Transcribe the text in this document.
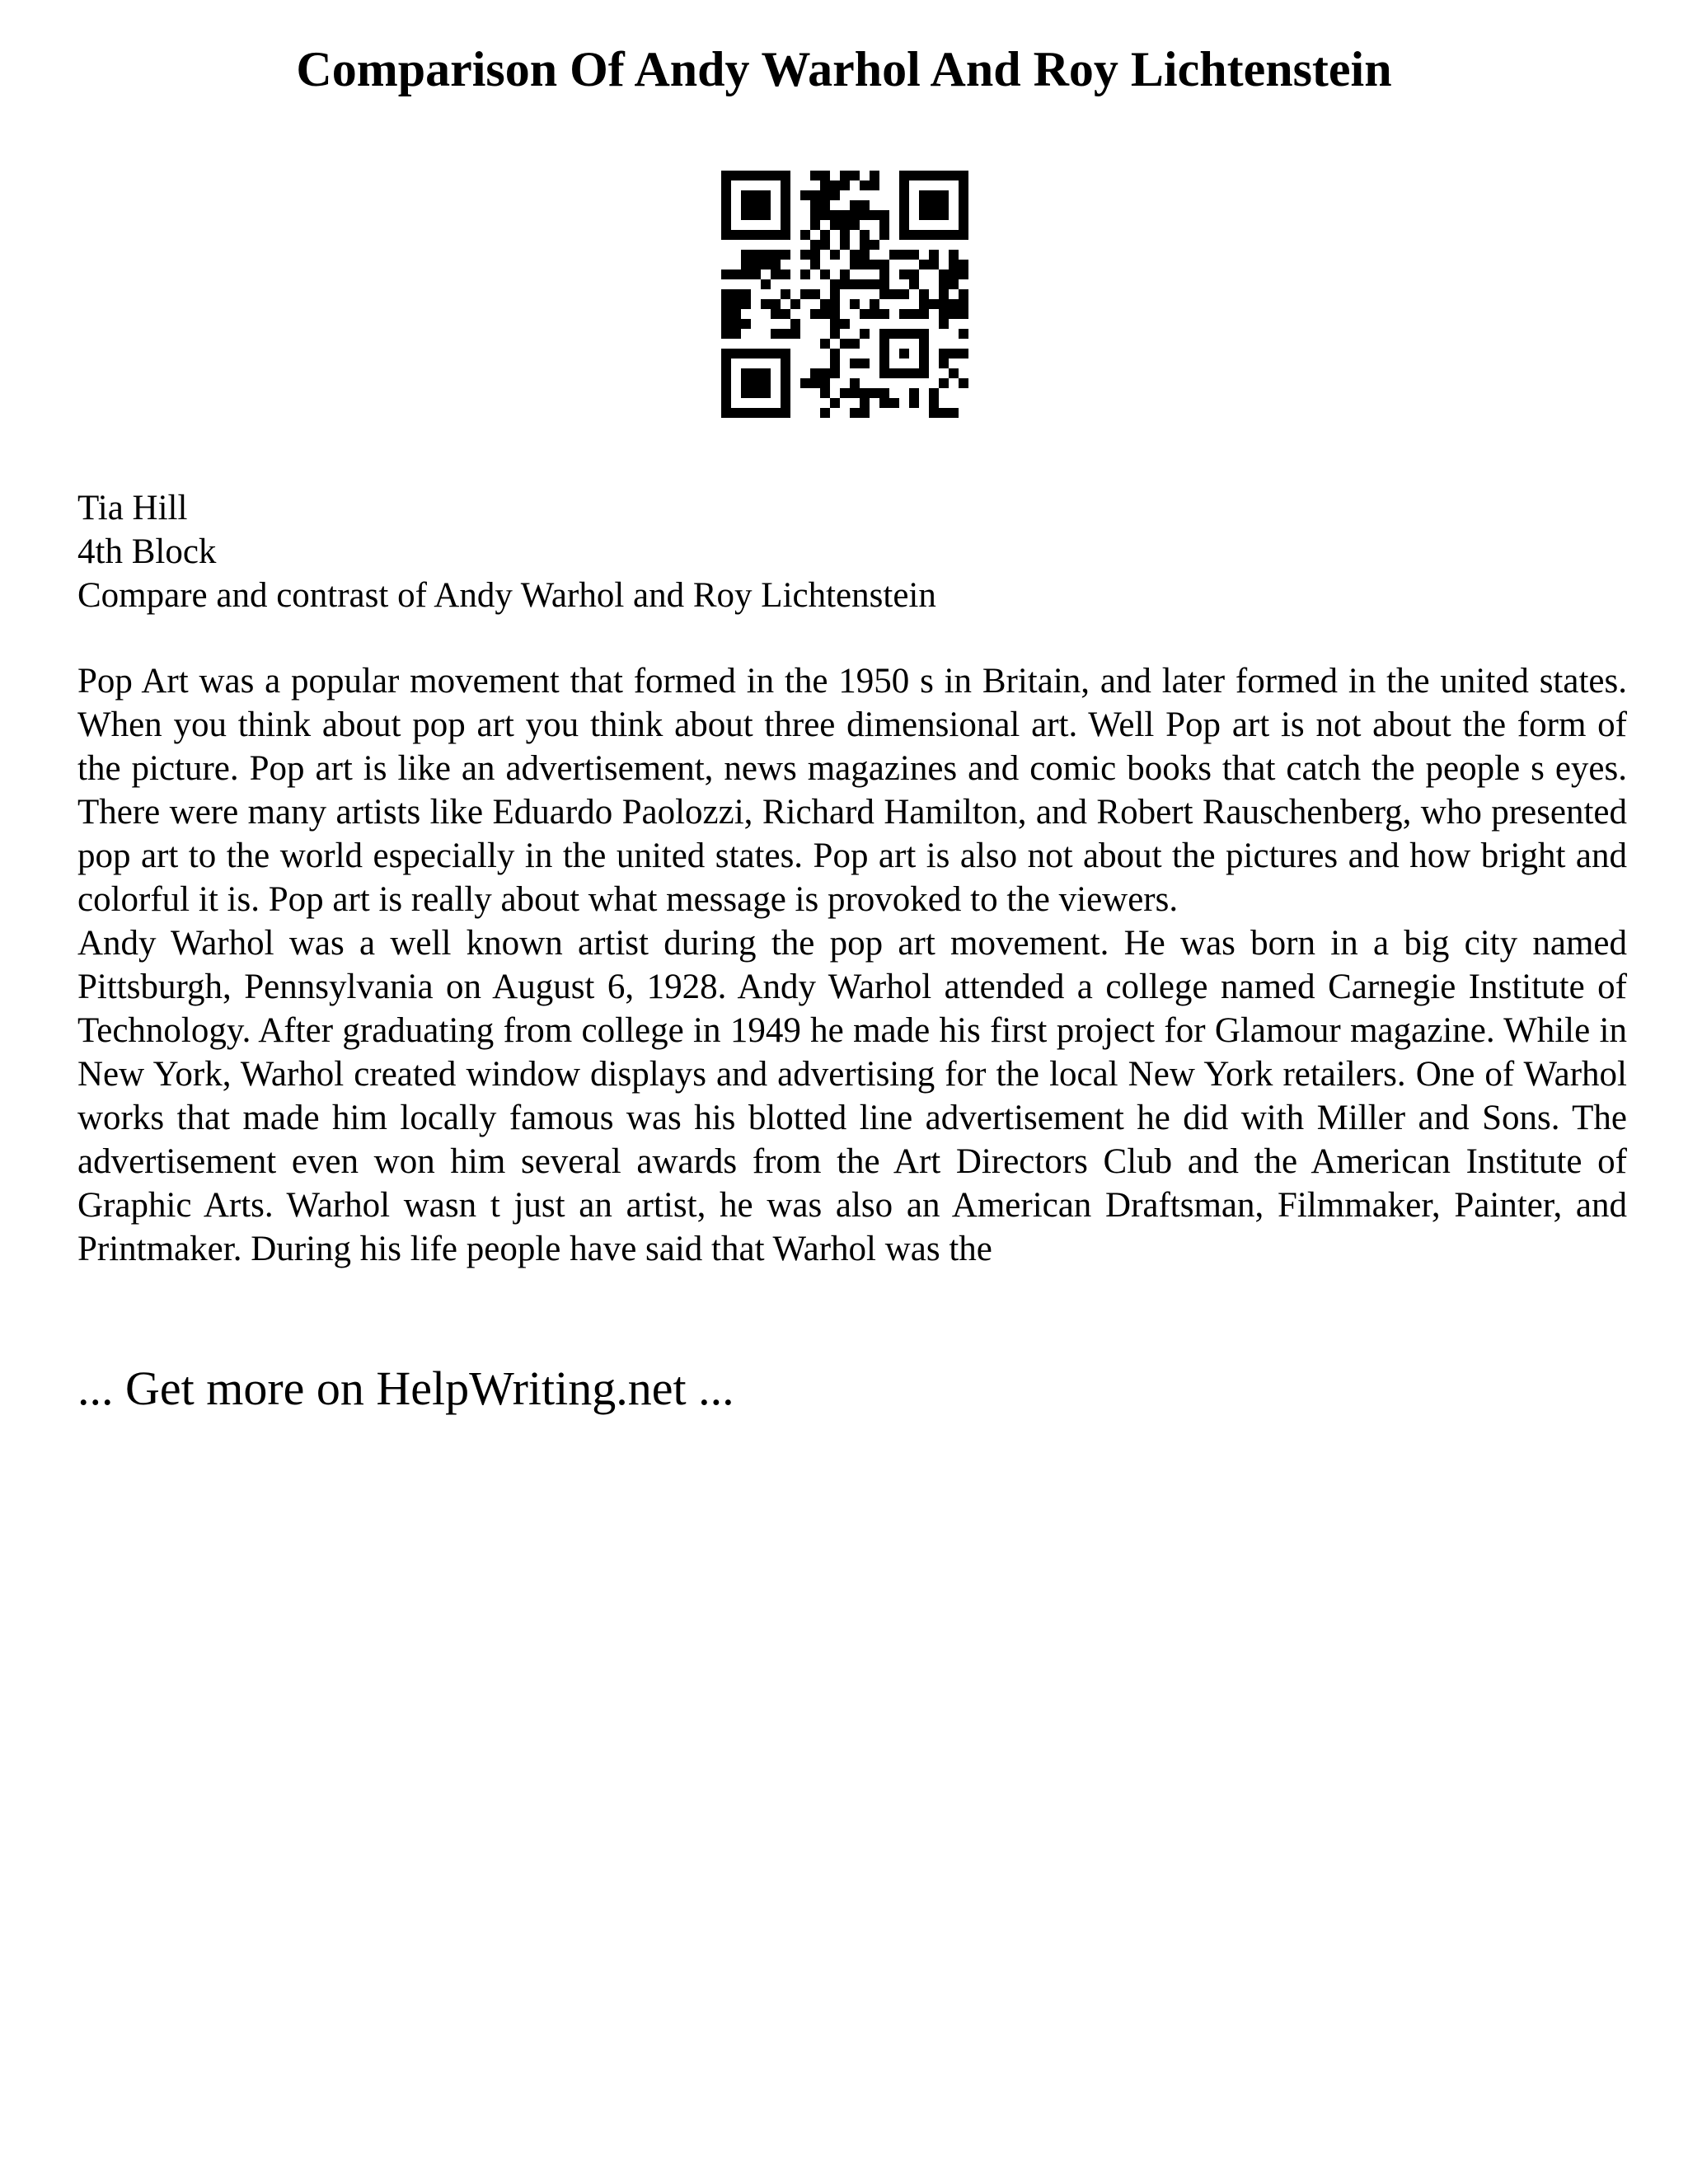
Comparison Of Andy Warhol And Roy Lichtenstein
Tia Hill
4th Block
Compare and contrast of Andy Warhol and Roy Lichtenstein

Pop Art was a popular movement that formed in the 1950 s in Britain, and later formed in the united states. When you think about pop art you think about three dimensional art. Well Pop art is not about the form of the picture. Pop art is like an advertisement, news magazines and comic books that catch the people s eyes. There were many artists like Eduardo Paolozzi, Richard Hamilton, and Robert Rauschenberg, who presented pop art to the world especially in the united states. Pop art is also not about the pictures and how bright and colorful it is. Pop art is really about what message is provoked to the viewers.

Andy Warhol was a well known artist during the pop art movement. He was born in a big city named Pittsburgh, Pennsylvania on August 6, 1928. Andy Warhol attended a college named Carnegie Institute of Technology. After graduating from college in 1949 he made his first project for Glamour magazine. While in New York, Warhol created window displays and advertising for the local New York retailers. One of Warhol works that made him locally famous was his blotted line advertisement he did with Miller and Sons. The advertisement even won him several awards from the Art Directors Club and the American Institute of Graphic Arts. Warhol wasn t just an artist, he was also an American Draftsman, Filmmaker, Painter, and Printmaker. During his life people have said that Warhol was the

... Get more on HelpWriting.net ...
